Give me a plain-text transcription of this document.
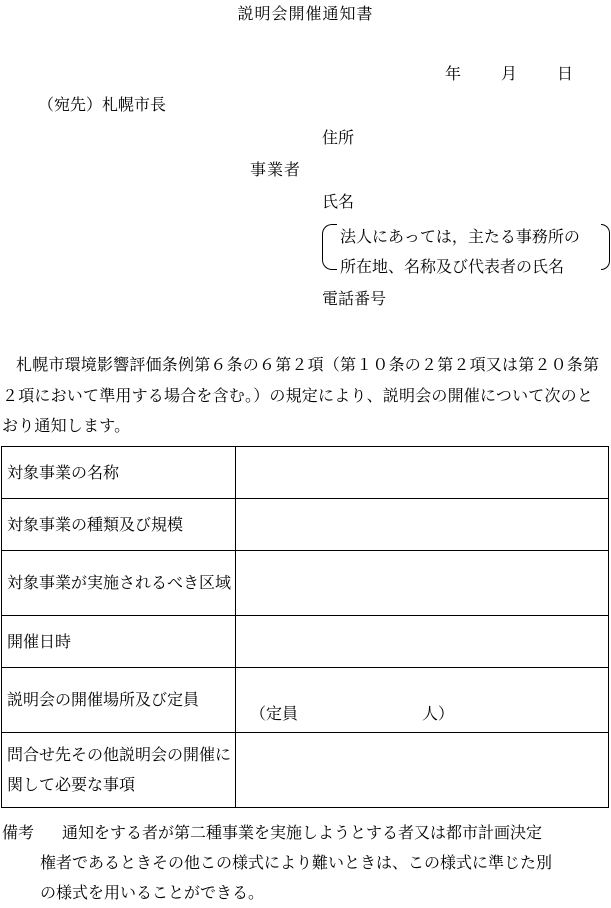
説明会開催通知書
年	月	日
（宛先）札幌市長
住所
事業者
氏名
法人にあっては，主たる事務所の
所在地、名称及び代表者の氏名
電話番号
札幌市環境影響評価条例第６条の６第２項（第１０条の２第２項又は第２０条第２項において準用する場合を含む。）の規定により、説明会の開催について次のとおり通知します。
対象事業の名称	
対象事業の種類及び規模	
対象事業が実施されるべき区域	
開催日時	
説明会の開催場所及び定員	（定員 人）

問合せ先その他説明会の開催に関して必要な事項	
備考 通知をする者が第二種事業を実施しようとする者又は都市計画決定
権者であるときその他この様式により難いときは、この様式に準じた別
の様式を用いることができる。
